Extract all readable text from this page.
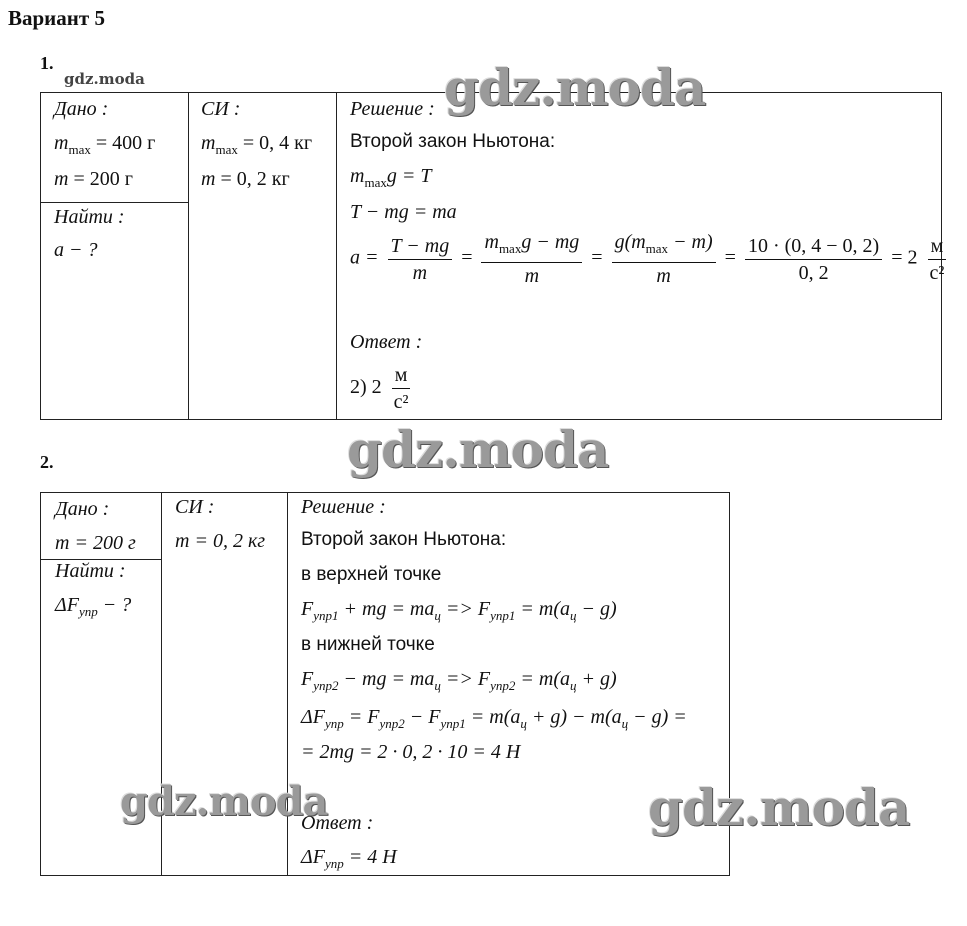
Вариант 5
1.
gdz.moda
Дано :
$m_{max} = 400$ г
m = 200 г
Найти :
a − ?
СИ :
$m_{max} = 0$, 4 кг
m = 0, 2 кг
Решение :
Второй закон Ньютона:
$m_{max}g = T$
T − mg = ma
$a = \frac{T - mg}{m} = \frac{m_{max}g - mg}{m} = \frac{g(m_{max} - m)}{m} = \frac{10 \cdot (0, 4 - 0, 2)}{0, 2} = 2 \frac{м}{\text{с²}}$
Ответ :
2) $2 \frac{м}{\text{с²}}$
gdz.moda
gdz.moda
2.
Дано :
m = 200 г
Найти :
$\Delta F_{упр}$ − ?
СИ :
m = 0, 2 кг
Решение :
Второй закон Ньютона:
в верхней точке
$F_{упр1}$ + mg = $ma_ц => F_{упр1} = m(a_ц - g)$
в нижней точке
$F_{упр2}$ − mg = $ma_ц => F_{упр2} = m(a_ц + g)$
$\Delta F_{упр} = F_{упр2} - F_{упр1} = m(a_ц + g) - m(a_ц - g)$ =
= 2mg = 2 · 0, 2 · 10 = 4 Н
Ответ :
$\Delta F_{упр} = 4$ Н
gdz.moda	gdz.moda
